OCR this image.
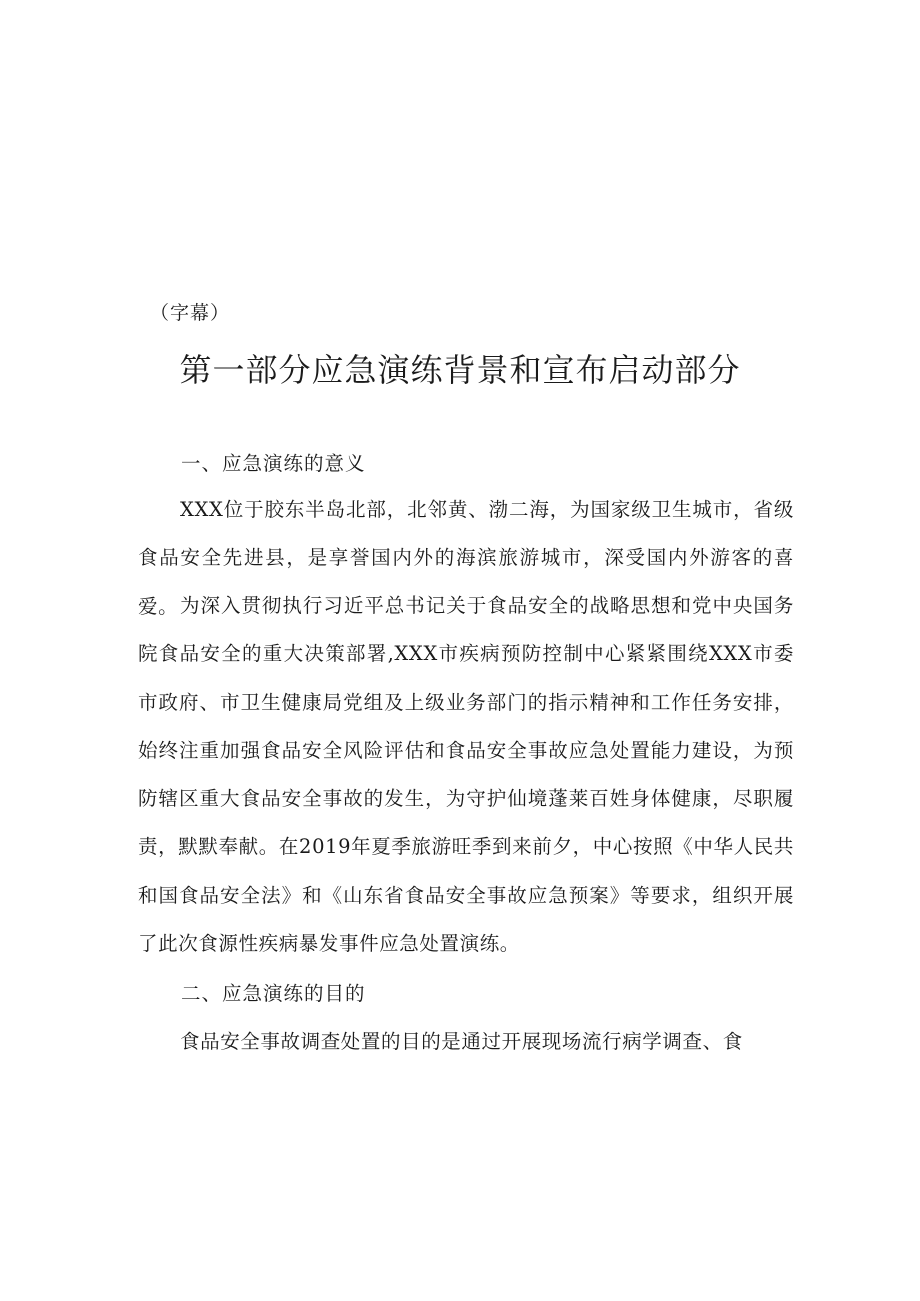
（字幕）
第一部分应急演练背景和宣布启动部分
一、应急演练的意义

XXX位于胶东半岛北部，北邻黄、渤二海，为国家级卫生城市，省级食品安全先进县，是享誉国内外的海滨旅游城市，深受国内外游客的喜爱。 为深入贯彻执行习近平总书记关于食品安全的战略思想和党中央国务院食品安全的重大决策部署,XXX市疾病预防控制中心紧紧围绕XXX市委市政府、市卫生健康局党组及上级业务部门的指示精神和工作任务安排，始终注重加强食品安全风险评估和食品安全事故应急处置能力建设，为预防辖区重大食品安全事故的发生，为守护仙境蓬莱百姓身体健康，尽职履责，默默奉献。在2019年夏季旅游旺季到来前夕，中心按照《中华人民共和国食品安全法》和《山东省食品安全事故应急预案》等要求，组织开展了此次食源性疾病暴发事件应急处置演练。

二、应急演练的目的

食品安全事故调查处置的目的是通过开展现场流行病学调查、食
